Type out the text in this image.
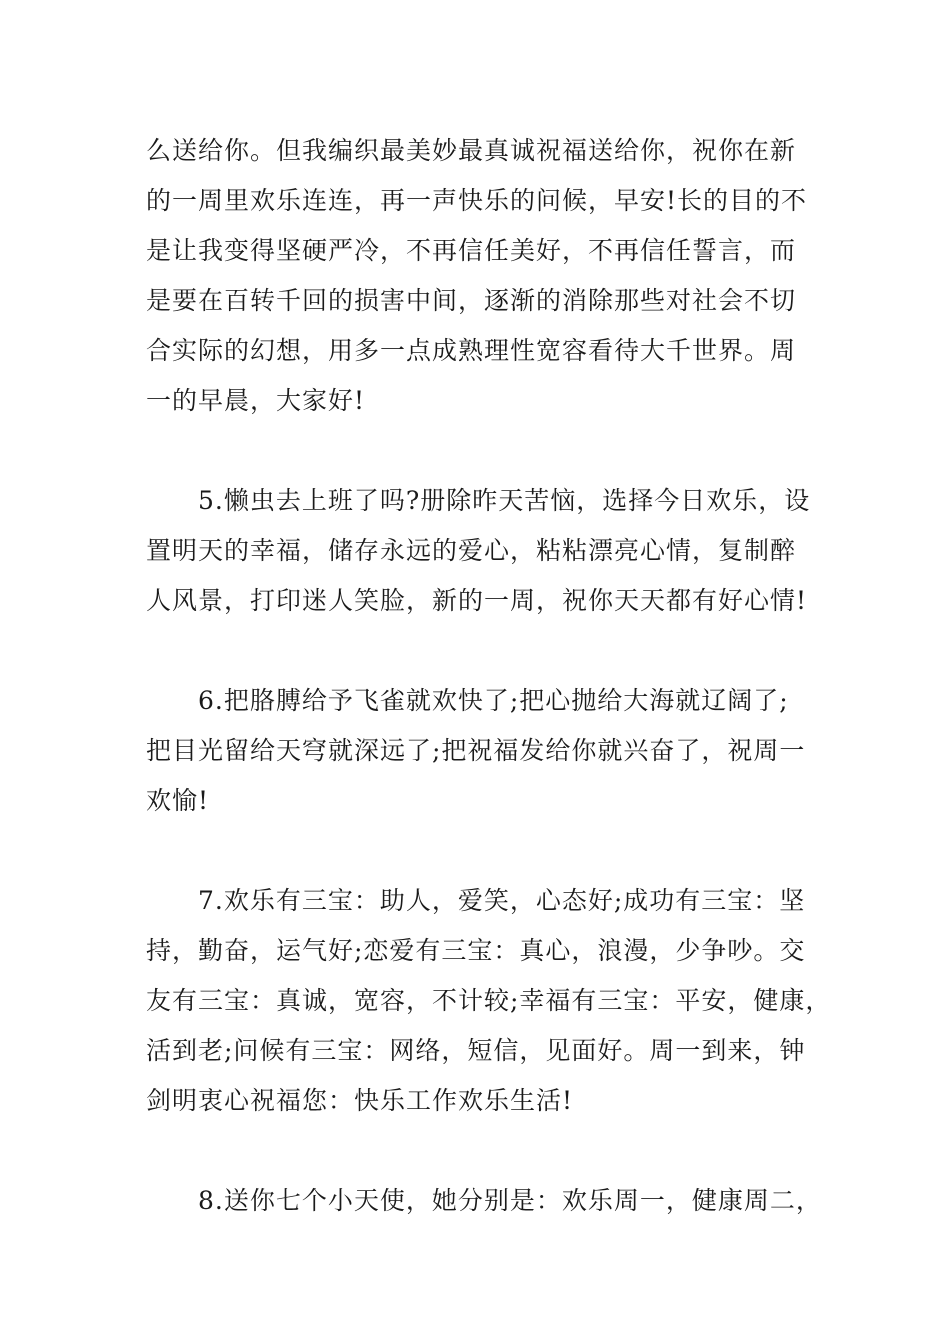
么送给你。但我编织最美妙最真诚祝福送给你，祝你在新
的一周里欢乐连连，再一声快乐的问候，早安!长的目的不
是让我变得坚硬严冷，不再信任美好，不再信任誓言，而
是要在百转千回的损害中间，逐渐的消除那些对社会不切
合实际的幻想，用多一点成熟理性宽容看待大千世界。周
一的早晨，大家好!
5.懒虫去上班了吗?册除昨天苦恼，选择今日欢乐，设
置明天的幸福，储存永远的爱心，粘粘漂亮心情，复制醉
人风景，打印迷人笑脸，新的一周，祝你天天都有好心情!
6.把胳膊给予飞雀就欢快了;把心抛给大海就辽阔了;
把目光留给天穹就深远了;把祝福发给你就兴奋了，祝周一
欢愉!
7.欢乐有三宝：助人，爱笑，心态好;成功有三宝：坚
持，勤奋，运气好;恋爱有三宝：真心，浪漫，少争吵。交
友有三宝：真诚，宽容，不计较;幸福有三宝：平安，健康，
活到老;问候有三宝：网络，短信，见面好。周一到来，钟
剑明衷心祝福您：快乐工作欢乐生活!
8.送你七个小天使，她分别是：欢乐周一，健康周二，
